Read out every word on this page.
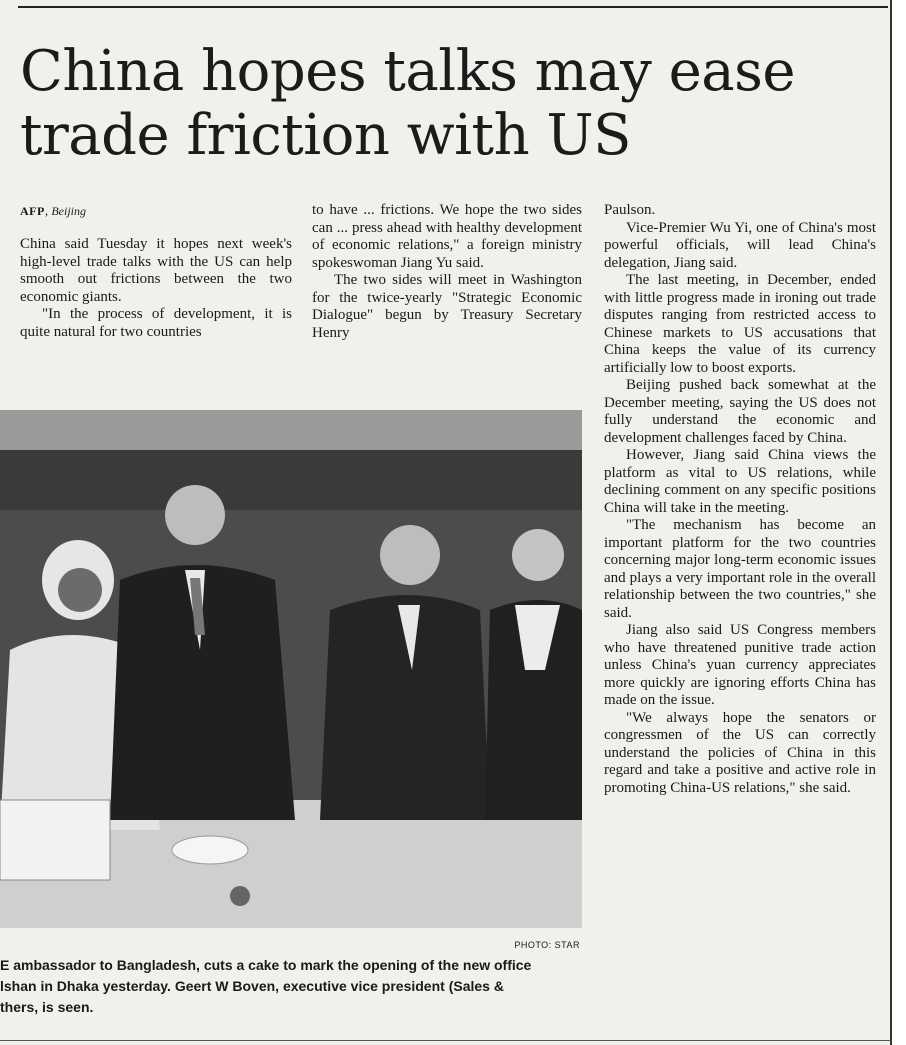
China hopes talks may ease trade friction with US
AFP, Beijing

China said Tuesday it hopes next week's high-level trade talks with the US can help smooth out frictions between the two economic giants.

"In the process of development, it is quite natural for two countries

to have ... frictions. We hope the two sides can ... press ahead with healthy development of economic relations," a foreign ministry spokeswoman Jiang Yu said.

The two sides will meet in Washington for the twice-yearly "Strategic Economic Dialogue" begun by Treasury Secretary Henry

Paulson.

Vice-Premier Wu Yi, one of China's most powerful officials, will lead China's delegation, Jiang said.

The last meeting, in December, ended with little progress made in ironing out trade disputes ranging from restricted access to Chinese markets to US accusations that China keeps the value of its currency artificially low to boost exports.

Beijing pushed back somewhat at the December meeting, saying the US does not fully understand the economic and development challenges faced by China.

However, Jiang said China views the platform as vital to US relations, while declining comment on any specific positions China will take in the meeting.

"The mechanism has become an important platform for the two countries concerning major long-term economic issues and plays a very important role in the overall relationship between the two countries," she said.

Jiang also said US Congress members who have threatened punitive trade action unless China's yuan currency appreciates more quickly are ignoring efforts China has made on the issue.

"We always hope the senators or congressmen of the US can correctly understand the policies of China in this regard and take a positive and active role in promoting China-US relations," she said.

PHOTO: STAR

E ambassador to Bangladesh, cuts a cake to mark the opening of the new office
lshan in Dhaka yesterday. Geert W Boven, executive vice president (Sales &
thers, is seen.
